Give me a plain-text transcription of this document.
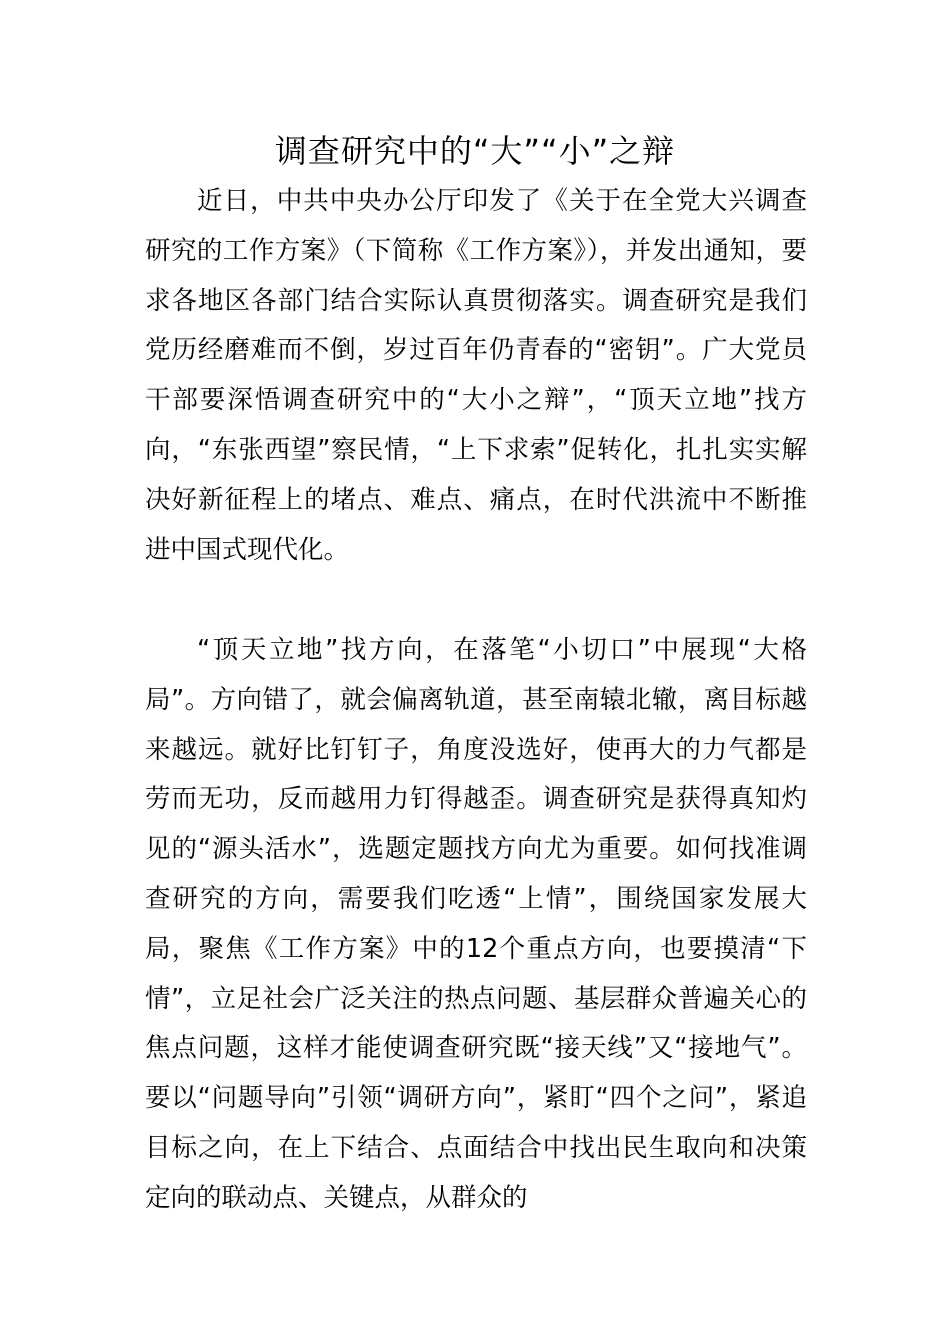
调查研究中的“大”“小”之辩

近日，中共中央办公厅印发了《关于在全党大兴调查研究的工作方案》（下简称《工作方案》），并发出通知，要求各地区各部门结合实际认真贯彻落实。调查研究是我们党历经磨难而不倒，岁过百年仍青春的“密钥”。广大党员干部要深悟调查研究中的“大小之辩”，“顶天立地”找方向，“东张西望”察民情，“上下求索”促转化，扎扎实实解决好新征程上的堵点、难点、痛点，在时代洪流中不断推进中国式现代化。

“顶天立地”找方向，在落笔“小切口”中展现“大格局”。方向错了，就会偏离轨道，甚至南辕北辙，离目标越来越远。就好比钉钉子，角度没选好，使再大的力气都是劳而无功，反而越用力钉得越歪。调查研究是获得真知灼见的“源头活水”，选题定题找方向尤为重要。如何找准调查研究的方向，需要我们吃透“上情”，围绕国家发展大局，聚焦《工作方案》中的12个重点方向，也要摸清“下情”，立足社会广泛关注的热点问题、基层群众普遍关心的焦点问题，这样才能使调查研究既“接天线”又“接地气”。要以“问题导向”引领“调研方向”，紧盯“四个之问”，紧追目标之向，在上下结合、点面结合中找出民生取向和决策定向的联动点、关键点，从群众的
